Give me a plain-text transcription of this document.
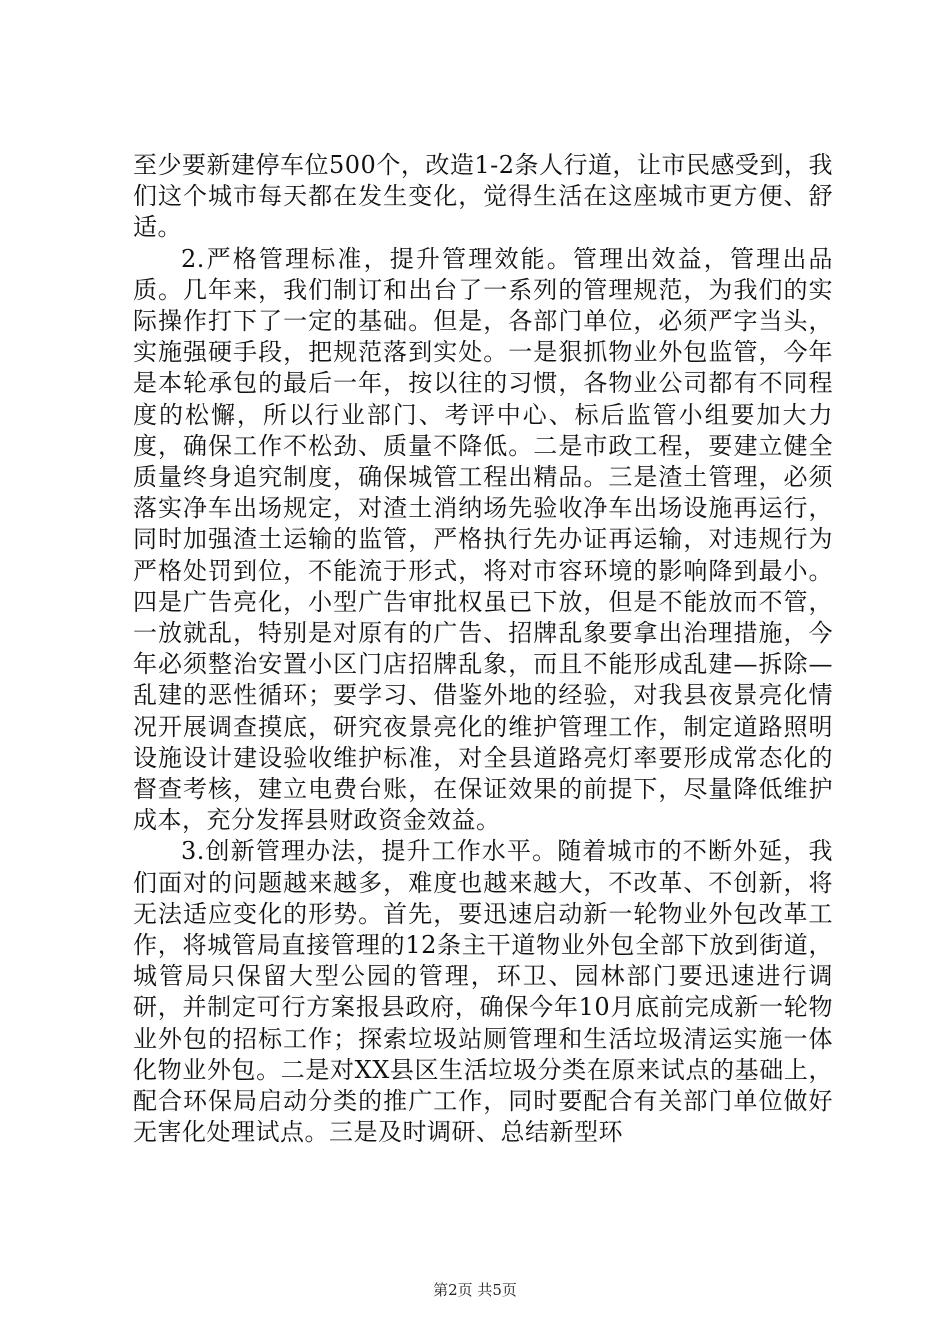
至少要新建停车位500个，改造1-2条人行道，让市民感受到，我们这个城市每天都在发生变化，觉得生活在这座城市更方便、舒适。

2.严格管理标准，提升管理效能。管理出效益，管理出品质。几年来，我们制订和出台了一系列的管理规范，为我们的实际操作打下了一定的基础。但是，各部门单位，必须严字当头，实施强硬手段，把规范落到实处。一是狠抓物业外包监管，今年是本轮承包的最后一年，按以往的习惯，各物业公司都有不同程度的松懈，所以行业部门、考评中心、标后监管小组要加大力度，确保工作不松劲、质量不降低。二是市政工程，要建立健全质量终身追究制度，确保城管工程出精品。三是渣土管理，必须落实净车出场规定，对渣土消纳场先验收净车出场设施再运行，同时加强渣土运输的监管，严格执行先办证再运输，对违规行为严格处罚到位，不能流于形式，将对市容环境的影响降到最小。四是广告亮化，小型广告审批权虽已下放，但是不能放而不管，一放就乱，特别是对原有的广告、招牌乱象要拿出治理措施，今年必须整治安置小区门店招牌乱象，而且不能形成乱建—拆除—乱建的恶性循环；要学习、借鉴外地的经验，对我县夜景亮化情况开展调查摸底，研究夜景亮化的维护管理工作，制定道路照明设施设计建设验收维护标准，对全县道路亮灯率要形成常态化的督查考核，建立电费台账，在保证效果的前提下，尽量降低维护成本，充分发挥县财政资金效益。

3.创新管理办法，提升工作水平。随着城市的不断外延，我们面对的问题越来越多，难度也越来越大，不改革、不创新，将无法适应变化的形势。首先，要迅速启动新一轮物业外包改革工作，将城管局直接管理的12条主干道物业外包全部下放到街道，城管局只保留大型公园的管理，环卫、园林部门要迅速进行调研，并制定可行方案报县政府，确保今年10月底前完成新一轮物业外包的招标工作；探索垃圾站厕管理和生活垃圾清运实施一体化物业外包。二是对XX县区生活垃圾分类在原来试点的基础上，配合环保局启动分类的推广工作，同时要配合有关部门单位做好无害化处理试点。三是及时调研、总结新型环

第2页 共5页
